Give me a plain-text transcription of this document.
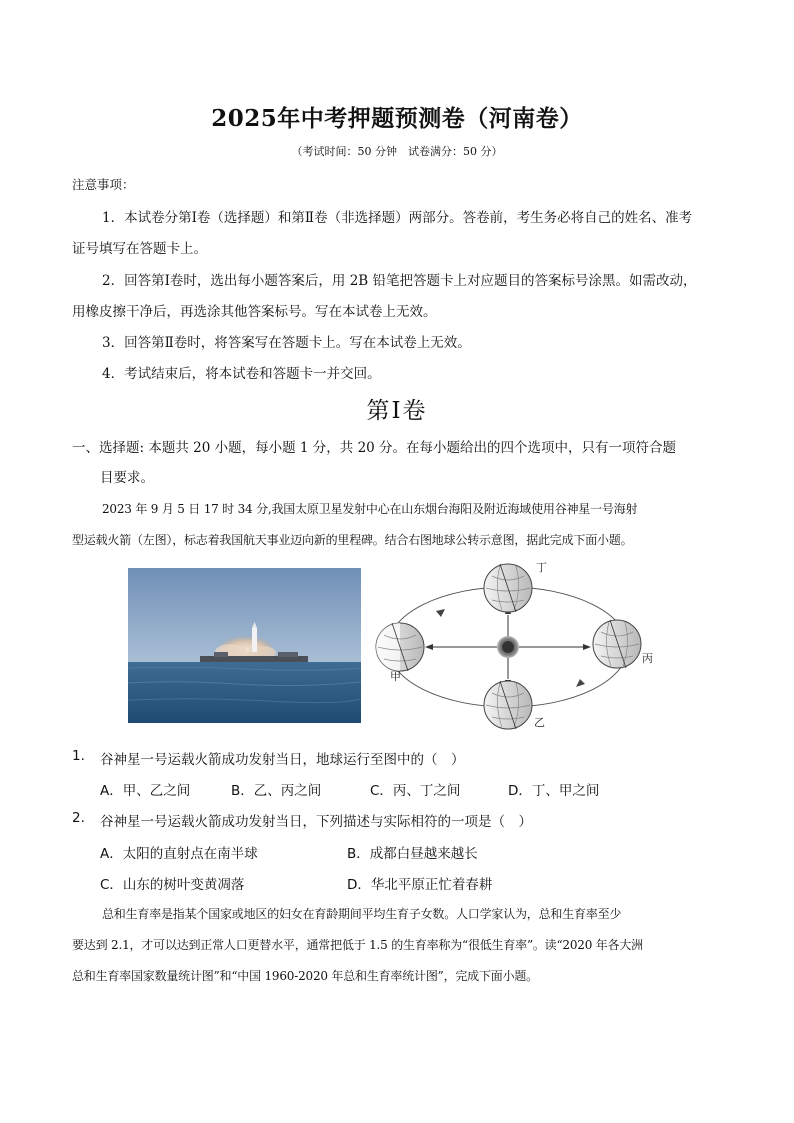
2025年中考押题预测卷（河南卷）
（考试时间：50 分钟　试卷满分：50 分）
注意事项：
1．本试卷分第Ⅰ卷（选择题）和第Ⅱ卷（非选择题）两部分。答卷前，考生务必将自己的姓名、准考
证号填写在答题卡上。
2．回答第Ⅰ卷时，选出每小题答案后，用 2B 铅笔把答题卡上对应题目的答案标号涂黑。如需改动，
用橡皮擦干净后，再选涂其他答案标号。写在本试卷上无效。
3．回答第Ⅱ卷时，将答案写在答题卡上。写在本试卷上无效。
4．考试结束后，将本试卷和答题卡一并交回。
第Ⅰ卷
一、选择题: 本题共 20 小题，每小题 1 分，共 20 分。在每小题给出的四个选项中，只有一项符合题
目要求。
2023 年 9 月 5 日 17 时 34 分,我国太原卫星发射中心在山东烟台海阳及附近海域使用谷神星一号海射
型运载火箭（左图），标志着我国航天事业迈向新的里程碑。结合右图地球公转示意图，据此完成下面小题。
丁
丙
乙
甲
1. 谷神星一号运载火箭成功发射当日，地球运行至图中的（　）
A．甲、乙之间	B．乙、丙之间	C．丙、丁之间	D．丁、甲之间
2. 谷神星一号运载火箭成功发射当日，下列描述与实际相符的一项是（　）
A．太阳的直射点在南半球	B．成都白昼越来越长
C．山东的树叶变黄凋落	D．华北平原正忙着春耕
总和生育率是指某个国家或地区的妇女在育龄期间平均生育子女数。人口学家认为，总和生育率至少
要达到 2.1，才可以达到正常人口更替水平，通常把低于 1.5 的生育率称为“很低生育率”。读“2020 年各大洲
总和生育率国家数量统计图”和“中国 1960-2020 年总和生育率统计图”，完成下面小题。
